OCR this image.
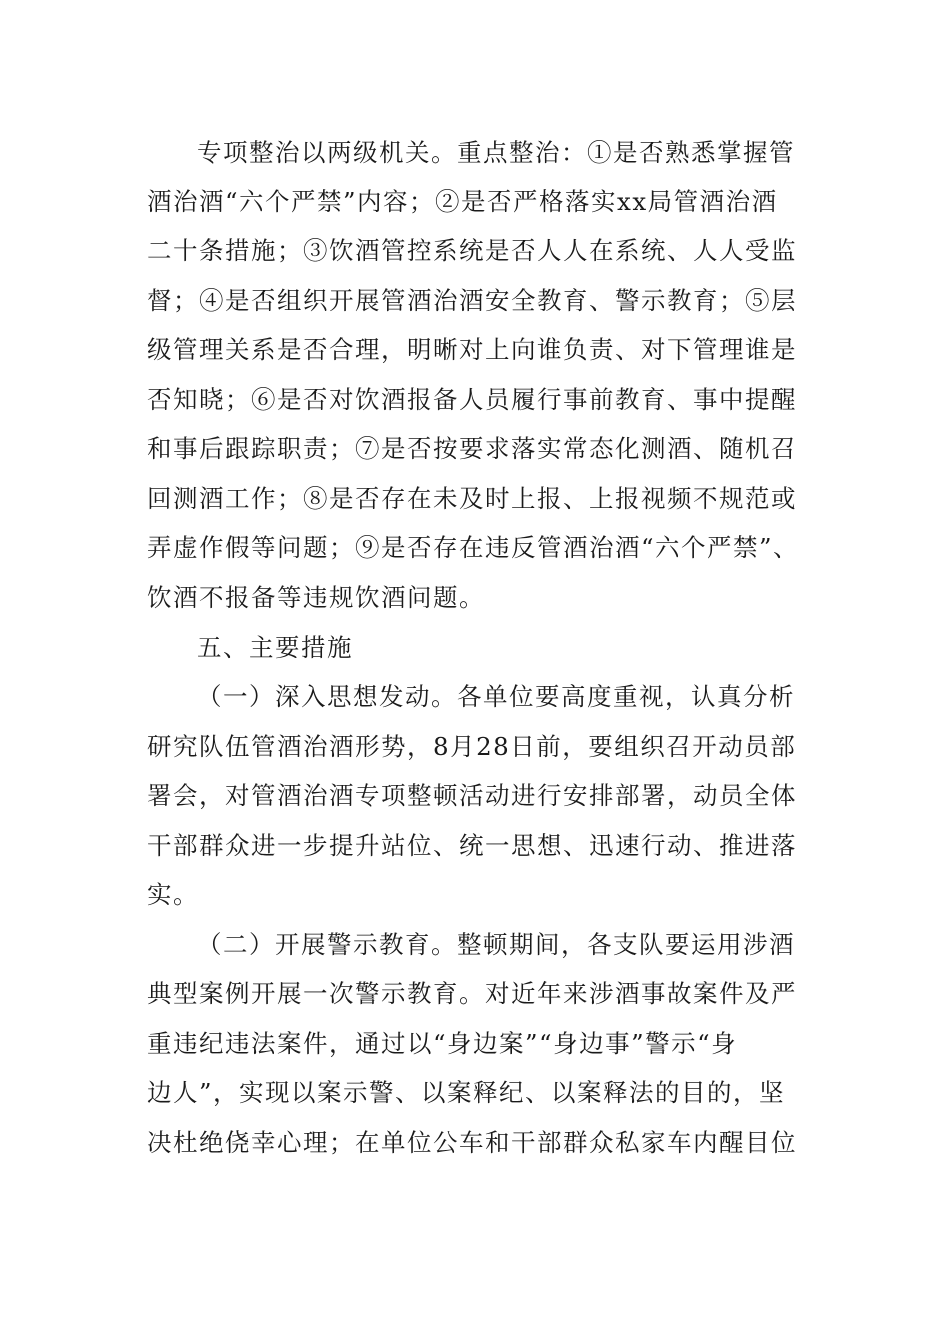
专项整治以两级机关。重点整治：①是否熟悉掌握管
酒治酒“六个严禁”内容；②是否严格落实xx局管酒治酒
二十条措施；③饮酒管控系统是否人人在系统、人人受监
督；④是否组织开展管酒治酒安全教育、警示教育；⑤层
级管理关系是否合理，明晰对上向谁负责、对下管理谁是
否知晓；⑥是否对饮酒报备人员履行事前教育、事中提醒
和事后跟踪职责；⑦是否按要求落实常态化测酒、随机召
回测酒工作；⑧是否存在未及时上报、上报视频不规范或
弄虚作假等问题；⑨是否存在违反管酒治酒“六个严禁”、
饮酒不报备等违规饮酒问题。
五、主要措施
（一）深入思想发动。各单位要高度重视，认真分析
研究队伍管酒治酒形势，8月28日前，要组织召开动员部
署会，对管酒治酒专项整顿活动进行安排部署，动员全体
干部群众进一步提升站位、统一思想、迅速行动、推进落
实。
（二）开展警示教育。整顿期间，各支队要运用涉酒
典型案例开展一次警示教育。对近年来涉酒事故案件及严
重违纪违法案件，通过以“身边案”“身边事”警示“身
边人”，实现以案示警、以案释纪、以案释法的目的，坚
决杜绝侥幸心理；在单位公车和干部群众私家车内醒目位
